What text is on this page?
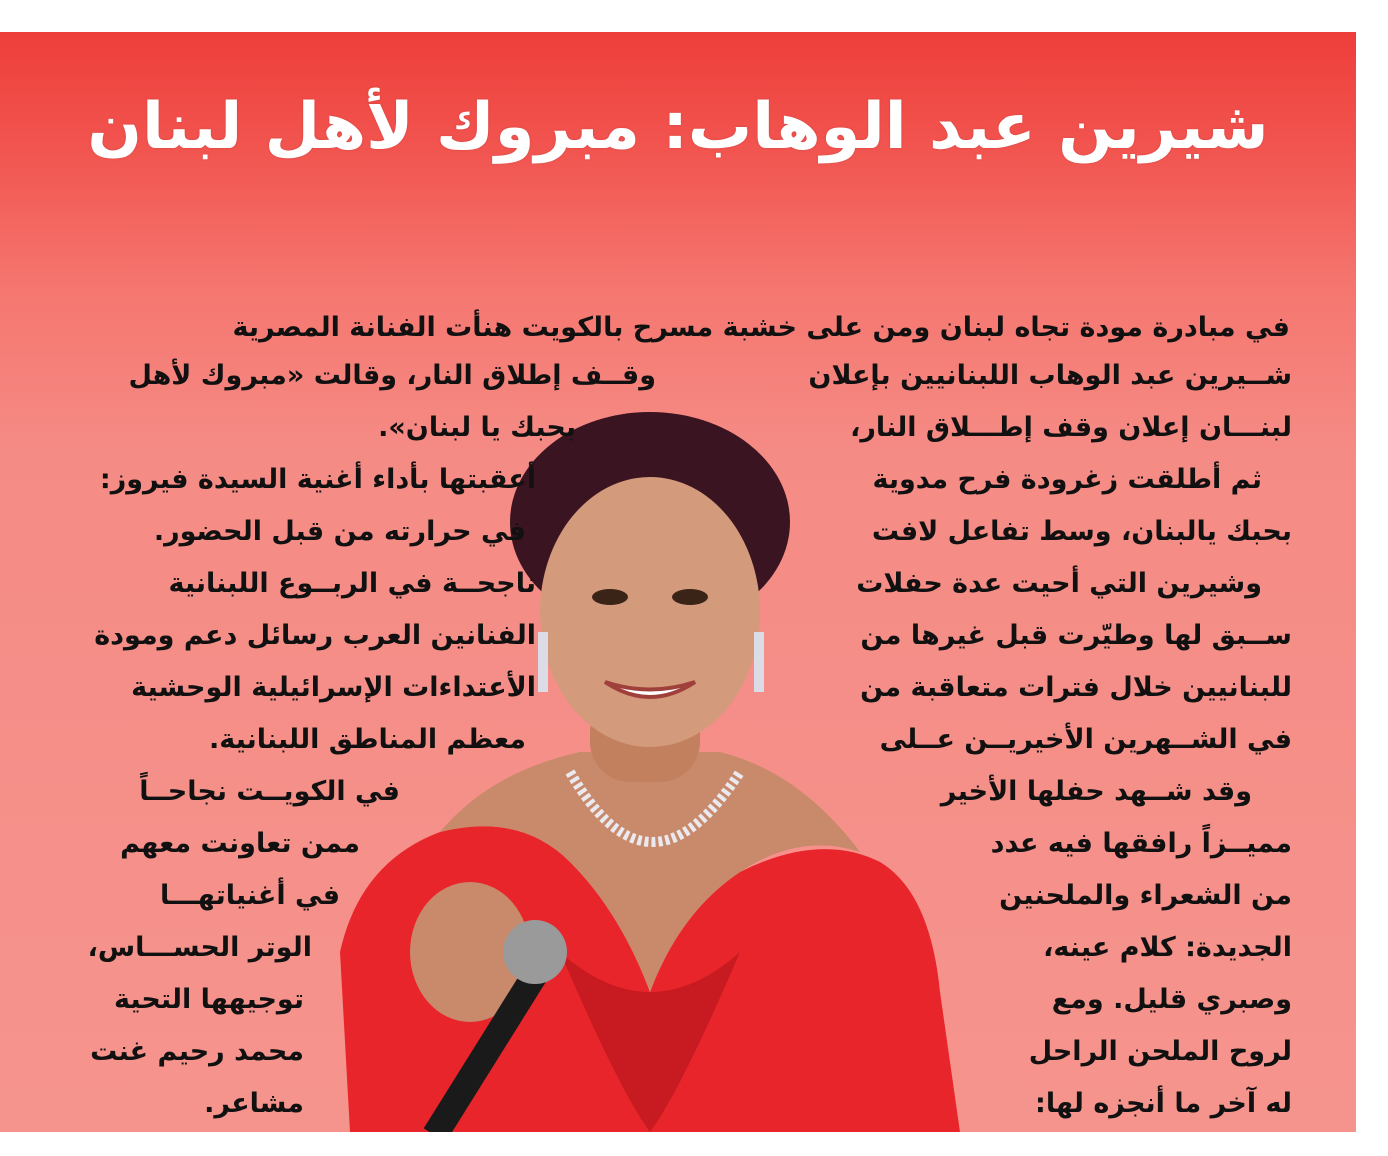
شيرين عبد الوهاب: مبروك لأهل لبنان
في مبادرة مودة تجاه لبنان ومن على خشبة مسرح بالكويت هنأت الفنانة المصرية
شــيرين عبد الوهاب اللبنانيين بإعلان
لبنـــان إعلان وقف إطـــلاق النار،
ثم أطلقت زغرودة فرح مدوية
بحبك يالبنان، وسط تفاعل لافت
وشيرين التي أحيت عدة حفلات
ســبق لها وطيّرت قبل غيرها من
للبنانيين خلال فترات متعاقبة من
في الشــهرين الأخيريــن عــلى
وقد شــهد حفلها الأخير
مميــزاً رافقها فيه عدد
من الشعراء والملحنين
الجديدة: كلام عينه،
وصبري قليل. ومع
لروح الملحن الراحل
له آخر ما أنجزه لها:
وقــف إطلاق النار، وقالت «مبروك لأهل
بحبك يا لبنان».
أعقبتها بأداء أغنية السيدة فيروز:
في حرارته من قبل الحضور.
ناجحــة في الربــوع اللبنانية
الفنانين العرب رسائل دعم ومودة
الأعتداءات الإسرائيلية الوحشية
معظم المناطق اللبنانية.
في الكويــت نجاحــاً
ممن تعاونت معهم
في أغنياتهـــا
الوتر الحســـاس،
توجيهها التحية
محمد رحيم غنت
مشاعر.
